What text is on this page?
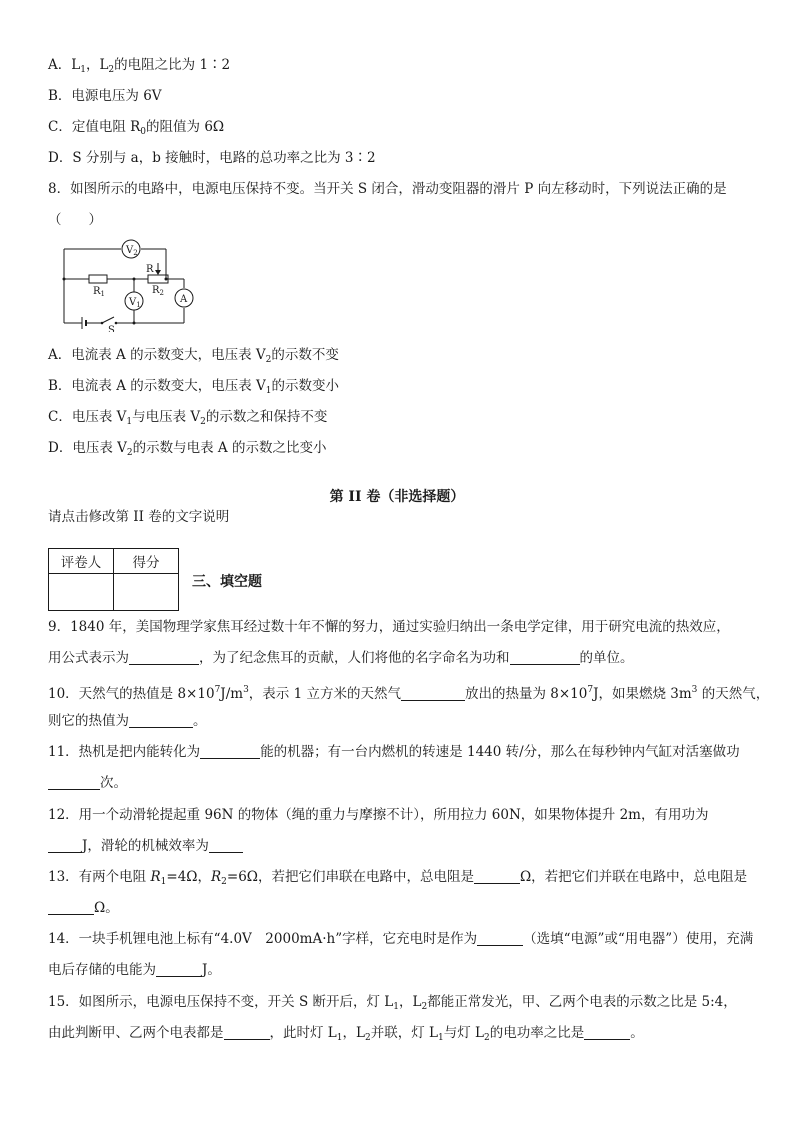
A．$L_1$，$L_2$的电阻之比为 1∶2
B．电源电压为 6V
C．定值电阻 $R_0$的阻值为 6Ω
D．S 分别与 a，b 接触时，电路的总功率之比为 3∶2
8．如图所示的电路中，电源电压保持不变。当开关 S 闭合，滑动变阻器的滑片 P 向左移动时，下列说法正确的是
（　　）
$V_2$
$V_1$	A
$R_1$
R
$R_2$
S
A．电流表 A 的示数变大，电压表 $V_2$的示数不变
B．电流表 A 的示数变大，电压表 $V_1$的示数变小
C．电压表 $V_1$与电压表 $V_2$的示数之和保持不变
D．电压表 $V_2$的示数与电表 A 的示数之比变小
第 II 卷（非选择题）
请点击修改第 II 卷的文字说明
评卷人	得分

三、填空题
9．1840 年，美国物理学家焦耳经过数十年不懈的努力，通过实验归纳出一条电学定律，用于研究电流的热效应，
用公式表示为	，为了纪念焦耳的贡献，人们将他的名字命名为功和	的单位。
10．天然气的热值是 $8\times 10^7J/m^3$，表示 1 立方米的天然气	放出的热量为 $8\times 10^7J$，如果燃烧 $3m^3$ 的天然气，
则它的热值为	。
11．热机是把内能转化为	能的机器；有一台内燃机的转速是 1440 转/分，那么在每秒钟内气缸对活塞做功
次。
12．用一个动滑轮提起重 96N 的物体（绳的重力与摩擦不计），所用拉力 60N，如果物体提升 2m，有用功为
J，滑轮的机械效率为
13．有两个电阻 $R_1=4\Omega$，$R_2=6\Omega$，若把它们串联在电路中，总电阻是	Ω，若把它们并联在电路中，总电阻是
Ω。
14．一块手机锂电池上标有“4.0V　2000mA·h”字样，它充电时是作为	（选填“电源”或“用电器”）使用，充满
电后存储的电能为	J。
15．如图所示，电源电压保持不变，开关 S 断开后，灯 $L_1$，$L_2$都能正常发光，甲、乙两个电表的示数之比是 5:4，
由此判断甲、乙两个电表都是	，此时灯 $L_1$，$L_2$并联，灯 $L_1$与灯 $L_2$的电功率之比是	。
